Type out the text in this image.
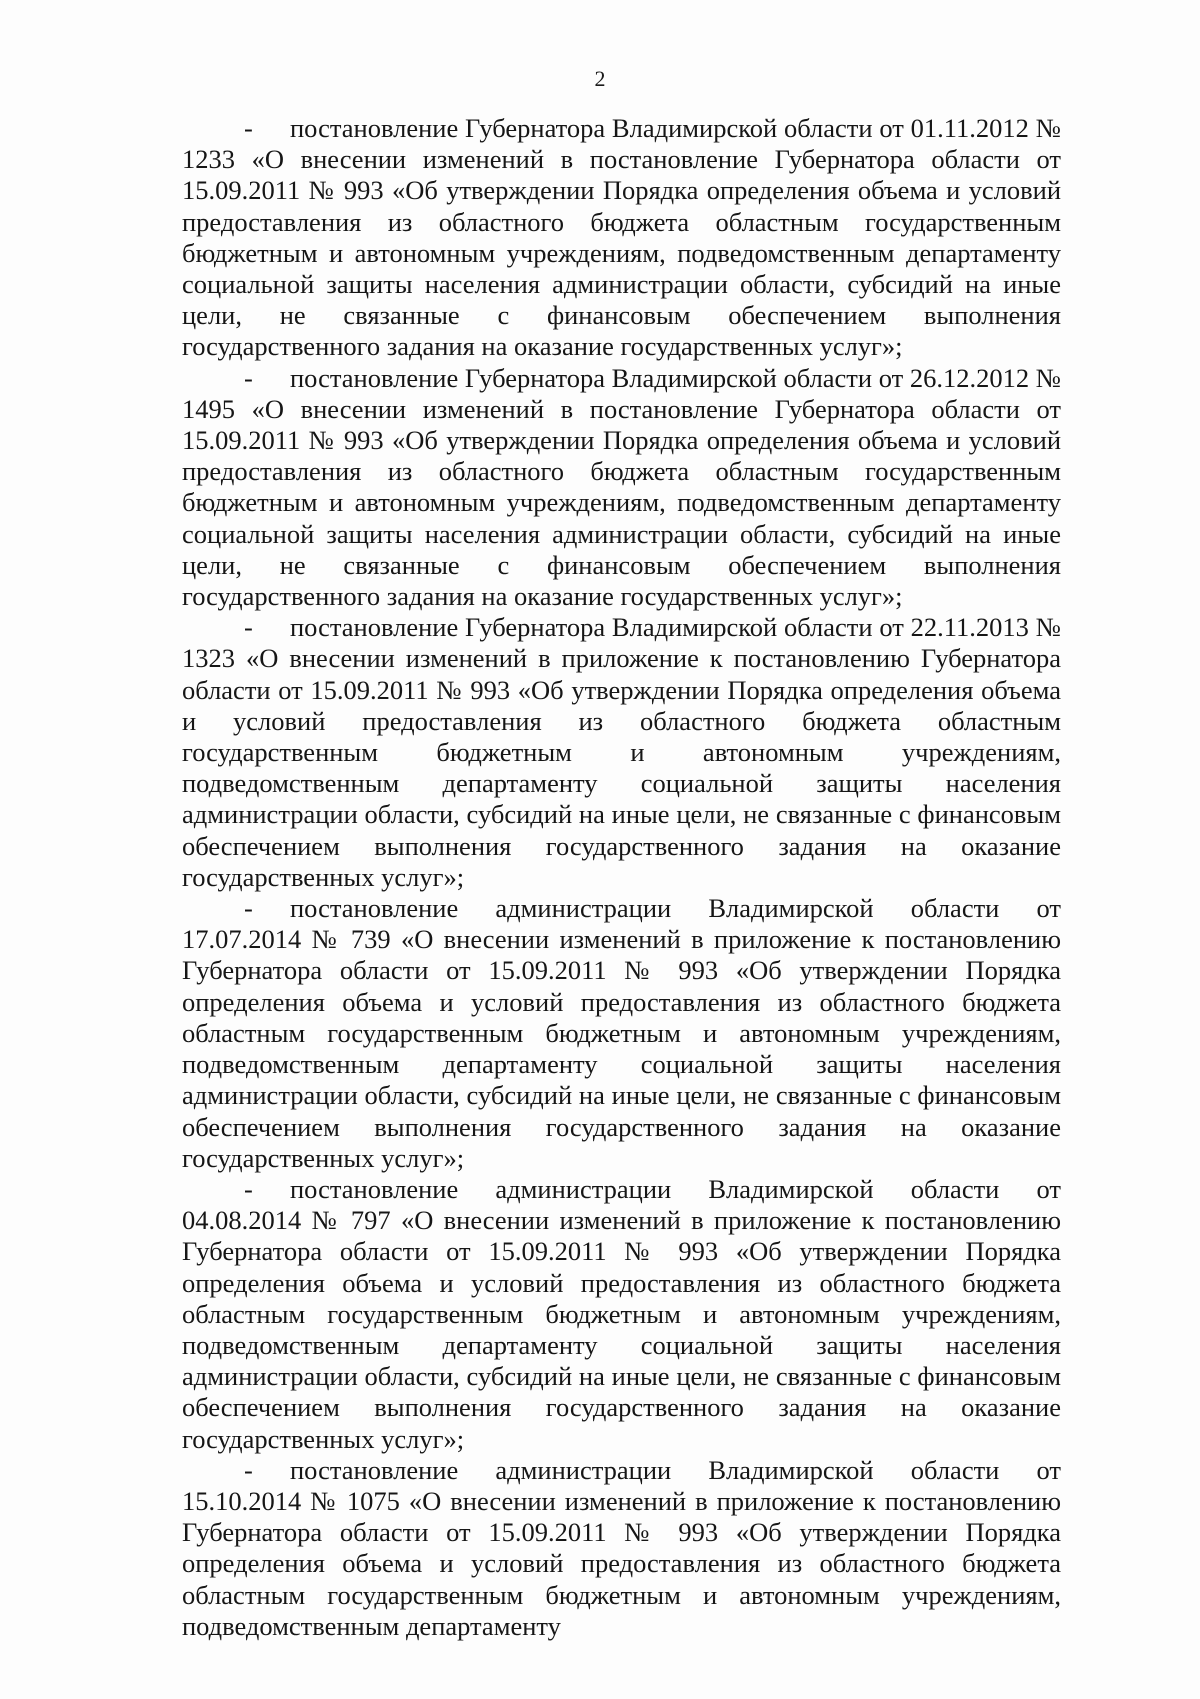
2

- постановление Губернатора Владимирской области от 01.11.2012 № 1233 «О внесении изменений в постановление Губернатора области от 15.09.2011 № 993 «Об утверждении Порядка определения объема и условий предоставления из областного бюджета областным государственным бюджетным и автономным учреждениям, подведомственным департаменту социальной защиты населения администрации области, субсидий на иные цели, не связанные с финансовым обеспечением выполнения государственного задания на оказание государственных услуг»;

- постановление Губернатора Владимирской области от 26.12.2012 № 1495 «О внесении изменений в постановление Губернатора области от 15.09.2011 № 993 «Об утверждении Порядка определения объема и условий предоставления из областного бюджета областным государственным бюджетным и автономным учреждениям, подведомственным департаменту социальной защиты населения администрации области, субсидий на иные цели, не связанные с финансовым обеспечением выполнения государственного задания на оказание государственных услуг»;

- постановление Губернатора Владимирской области от 22.11.2013 № 1323 «О внесении изменений в приложение к постановлению Губернатора области от 15.09.2011 № 993 «Об утверждении Порядка определения объема и условий предоставления из областного бюджета областным государственным бюджетным и автономным учреждениям, подведомственным департаменту социальной защиты населения администрации области, субсидий на иные цели, не связанные с финансовым обеспечением выполнения государственного задания на оказание государственных услуг»;

- постановление администрации Владимирской области от 17.07.2014 № 739 «О внесении изменений в приложение к постановлению Губернатора области от 15.09.2011 № 993 «Об утверждении Порядка определения объема и условий предоставления из областного бюджета областным государственным бюджетным и автономным учреждениям, подведомственным департаменту социальной защиты населения администрации области, субсидий на иные цели, не связанные с финансовым обеспечением выполнения государственного задания на оказание государственных услуг»;

- постановление администрации Владимирской области от 04.08.2014 № 797 «О внесении изменений в приложение к постановлению Губернатора области от 15.09.2011 № 993 «Об утверждении Порядка определения объема и условий предоставления из областного бюджета областным государственным бюджетным и автономным учреждениям, подведомственным департаменту социальной защиты населения администрации области, субсидий на иные цели, не связанные с финансовым обеспечением выполнения государственного задания на оказание государственных услуг»;

- постановление администрации Владимирской области от 15.10.2014 № 1075 «О внесении изменений в приложение к постановлению Губернатора области от 15.09.2011 № 993 «Об утверждении Порядка определения объема и условий предоставления из областного бюджета областным государственным бюджетным и автономным учреждениям, подведомственным департаменту
